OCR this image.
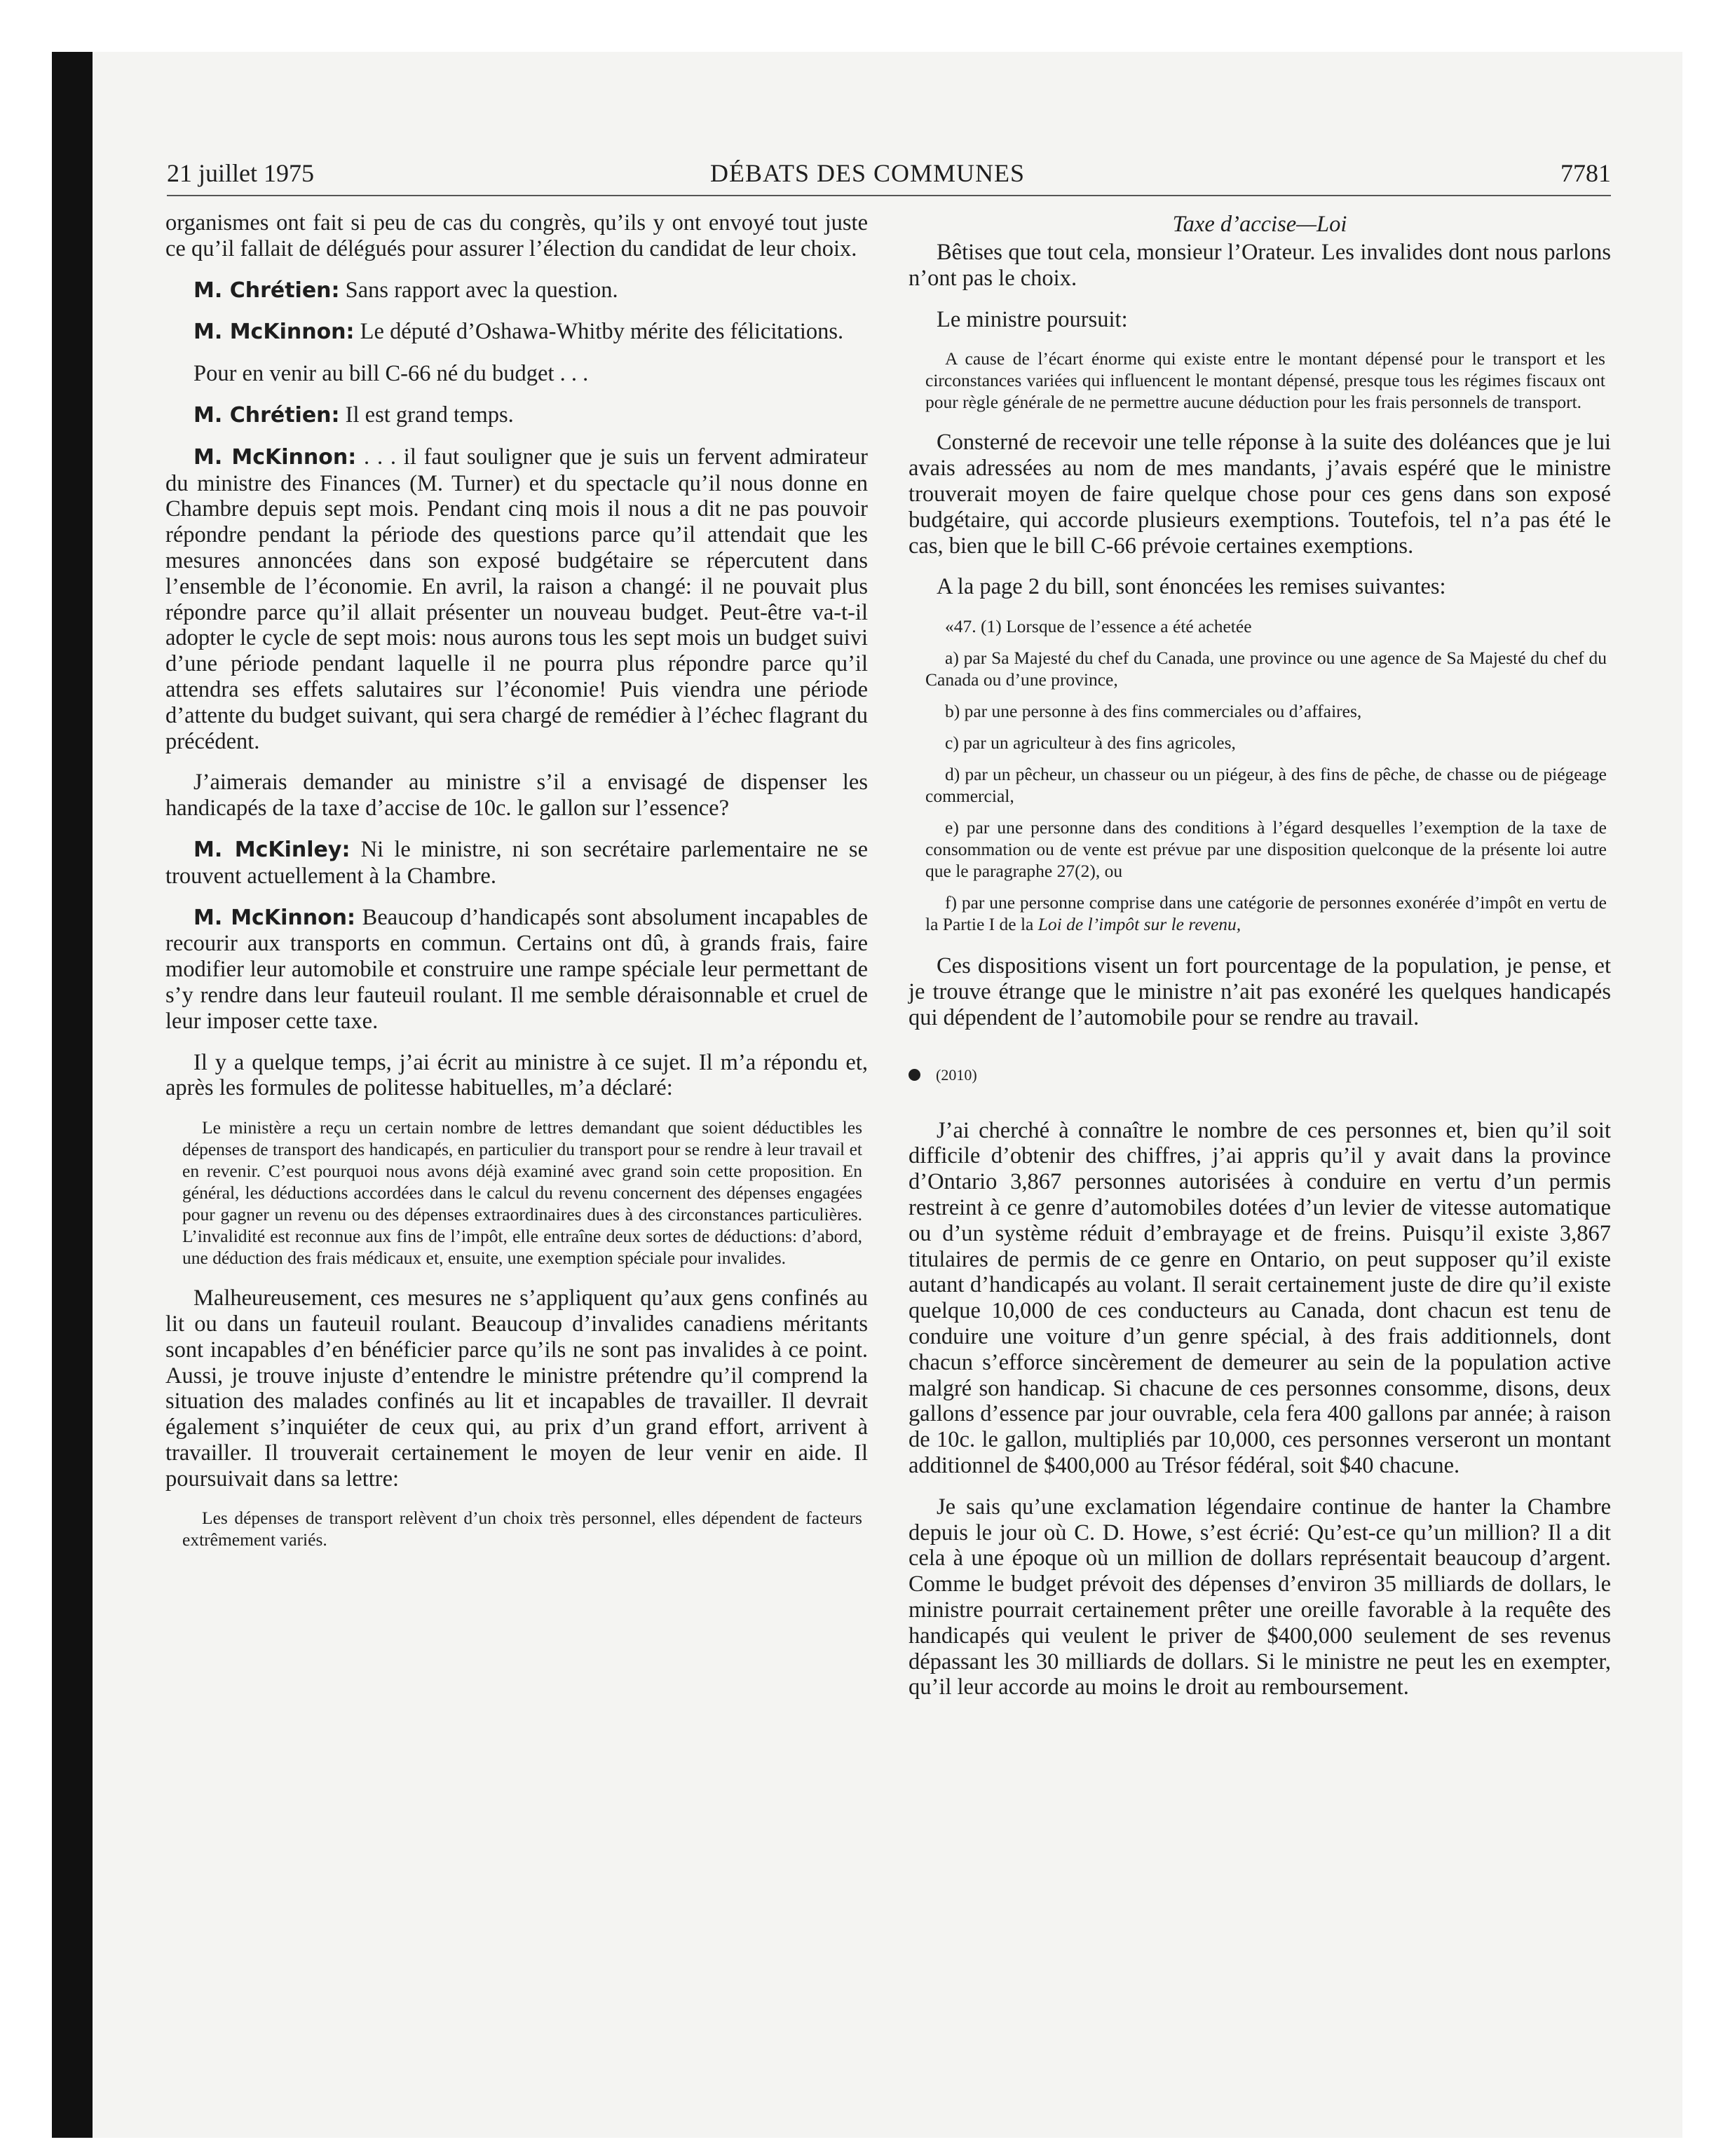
21 juillet 1975	DÉBATS DES COMMUNES	7781

organismes ont fait si peu de cas du congrès, qu’ils y ont envoyé tout juste ce qu’il fallait de délégués pour assurer l’élection du candidat de leur choix.

M. Chrétien: Sans rapport avec la question.

M. McKinnon: Le député d’Oshawa-Whitby mérite des félicitations.

Pour en venir au bill C-66 né du budget . . .

M. Chrétien: Il est grand temps.

M. McKinnon: . . . il faut souligner que je suis un fervent admirateur du ministre des Finances (M. Turner) et du spectacle qu’il nous donne en Chambre depuis sept mois. Pendant cinq mois il nous a dit ne pas pouvoir répondre pendant la période des questions parce qu’il attendait que les mesures annoncées dans son exposé budgétaire se répercutent dans l’ensemble de l’économie. En avril, la raison a changé: il ne pouvait plus répondre parce qu’il allait présenter un nouveau budget. Peut-être va-t-il adopter le cycle de sept mois: nous aurons tous les sept mois un budget suivi d’une période pendant laquelle il ne pourra plus répondre parce qu’il attendra ses effets salutaires sur l’économie! Puis viendra une période d’attente du budget suivant, qui sera chargé de remédier à l’échec flagrant du précédent.

J’aimerais demander au ministre s’il a envisagé de dispenser les handicapés de la taxe d’accise de 10c. le gallon sur l’essence?

M. McKinley: Ni le ministre, ni son secrétaire parlementaire ne se trouvent actuellement à la Chambre.

M. McKinnon: Beaucoup d’handicapés sont absolument incapables de recourir aux transports en commun. Certains ont dû, à grands frais, faire modifier leur automobile et construire une rampe spéciale leur permettant de s’y rendre dans leur fauteuil roulant. Il me semble déraisonnable et cruel de leur imposer cette taxe.

Il y a quelque temps, j’ai écrit au ministre à ce sujet. Il m’a répondu et, après les formules de politesse habituelles, m’a déclaré:

Le ministère a reçu un certain nombre de lettres demandant que soient déductibles les dépenses de transport des handicapés, en particulier du transport pour se rendre à leur travail et en revenir. C’est pourquoi nous avons déjà examiné avec grand soin cette proposition. En général, les déductions accordées dans le calcul du revenu concernent des dépenses engagées pour gagner un revenu ou des dépenses extraordinaires dues à des circonstances particulières. L’invalidité est reconnue aux fins de l’impôt, elle entraîne deux sortes de déductions: d’abord, une déduction des frais médicaux et, ensuite, une exemption spéciale pour invalides.

Malheureusement, ces mesures ne s’appliquent qu’aux gens confinés au lit ou dans un fauteuil roulant. Beaucoup d’invalides canadiens méritants sont incapables d’en bénéficier parce qu’ils ne sont pas invalides à ce point. Aussi, je trouve injuste d’entendre le ministre prétendre qu’il comprend la situation des malades confinés au lit et incapables de travailler. Il devrait également s’inquiéter de ceux qui, au prix d’un grand effort, arrivent à travailler. Il trouverait certainement le moyen de leur venir en aide. Il poursuivait dans sa lettre:

Les dépenses de transport relèvent d’un choix très personnel, elles dépendent de facteurs extrêmement variés.

Taxe d’accise—Loi

Bêtises que tout cela, monsieur l’Orateur. Les invalides dont nous parlons n’ont pas le choix.

Le ministre poursuit:

A cause de l’écart énorme qui existe entre le montant dépensé pour le transport et les circonstances variées qui influencent le montant dépensé, presque tous les régimes fiscaux ont pour règle générale de ne permettre aucune déduction pour les frais personnels de transport.

Consterné de recevoir une telle réponse à la suite des doléances que je lui avais adressées au nom de mes mandants, j’avais espéré que le ministre trouverait moyen de faire quelque chose pour ces gens dans son exposé budgétaire, qui accorde plusieurs exemptions. Toutefois, tel n’a pas été le cas, bien que le bill C-66 prévoie certaines exemptions.

A la page 2 du bill, sont énoncées les remises suivantes:

«47. (1) Lorsque de l’essence a été achetée

a) par Sa Majesté du chef du Canada, une province ou une agence de Sa Majesté du chef du Canada ou d’une province,

b) par une personne à des fins commerciales ou d’affaires,

c) par un agriculteur à des fins agricoles,

d) par un pêcheur, un chasseur ou un piégeur, à des fins de pêche, de chasse ou de piégeage commercial,

e) par une personne dans des conditions à l’égard desquelles l’exemption de la taxe de consommation ou de vente est prévue par une disposition quelconque de la présente loi autre que le paragraphe 27(2), ou

f) par une personne comprise dans une catégorie de personnes exonérée d’impôt en vertu de la Partie I de la Loi de l’impôt sur le revenu,

Ces dispositions visent un fort pourcentage de la population, je pense, et je trouve étrange que le ministre n’ait pas exonéré les quelques handicapés qui dépendent de l’automobile pour se rendre au travail.

(2010)

J’ai cherché à connaître le nombre de ces personnes et, bien qu’il soit difficile d’obtenir des chiffres, j’ai appris qu’il y avait dans la province d’Ontario 3,867 personnes autorisées à conduire en vertu d’un permis restreint à ce genre d’automobiles dotées d’un levier de vitesse automatique ou d’un système réduit d’embrayage et de freins. Puisqu’il existe 3,867 titulaires de permis de ce genre en Ontario, on peut supposer qu’il existe autant d’handicapés au volant. Il serait certainement juste de dire qu’il existe quelque 10,000 de ces conducteurs au Canada, dont chacun est tenu de conduire une voiture d’un genre spécial, à des frais additionnels, dont chacun s’efforce sincèrement de demeurer au sein de la population active malgré son handicap. Si chacune de ces personnes consomme, disons, deux gallons d’essence par jour ouvrable, cela fera 400 gallons par année; à raison de 10c. le gallon, multipliés par 10,000, ces personnes verseront un montant additionnel de $400,000 au Trésor fédéral, soit $40 chacune.

Je sais qu’une exclamation légendaire continue de hanter la Chambre depuis le jour où C. D. Howe, s’est écrié: Qu’est-ce qu’un million? Il a dit cela à une époque où un million de dollars représentait beaucoup d’argent. Comme le budget prévoit des dépenses d’environ 35 milliards de dollars, le ministre pourrait certainement prêter une oreille favorable à la requête des handicapés qui veulent le priver de $400,000 seulement de ses revenus dépassant les 30 milliards de dollars. Si le ministre ne peut les en exempter, qu’il leur accorde au moins le droit au remboursement.
